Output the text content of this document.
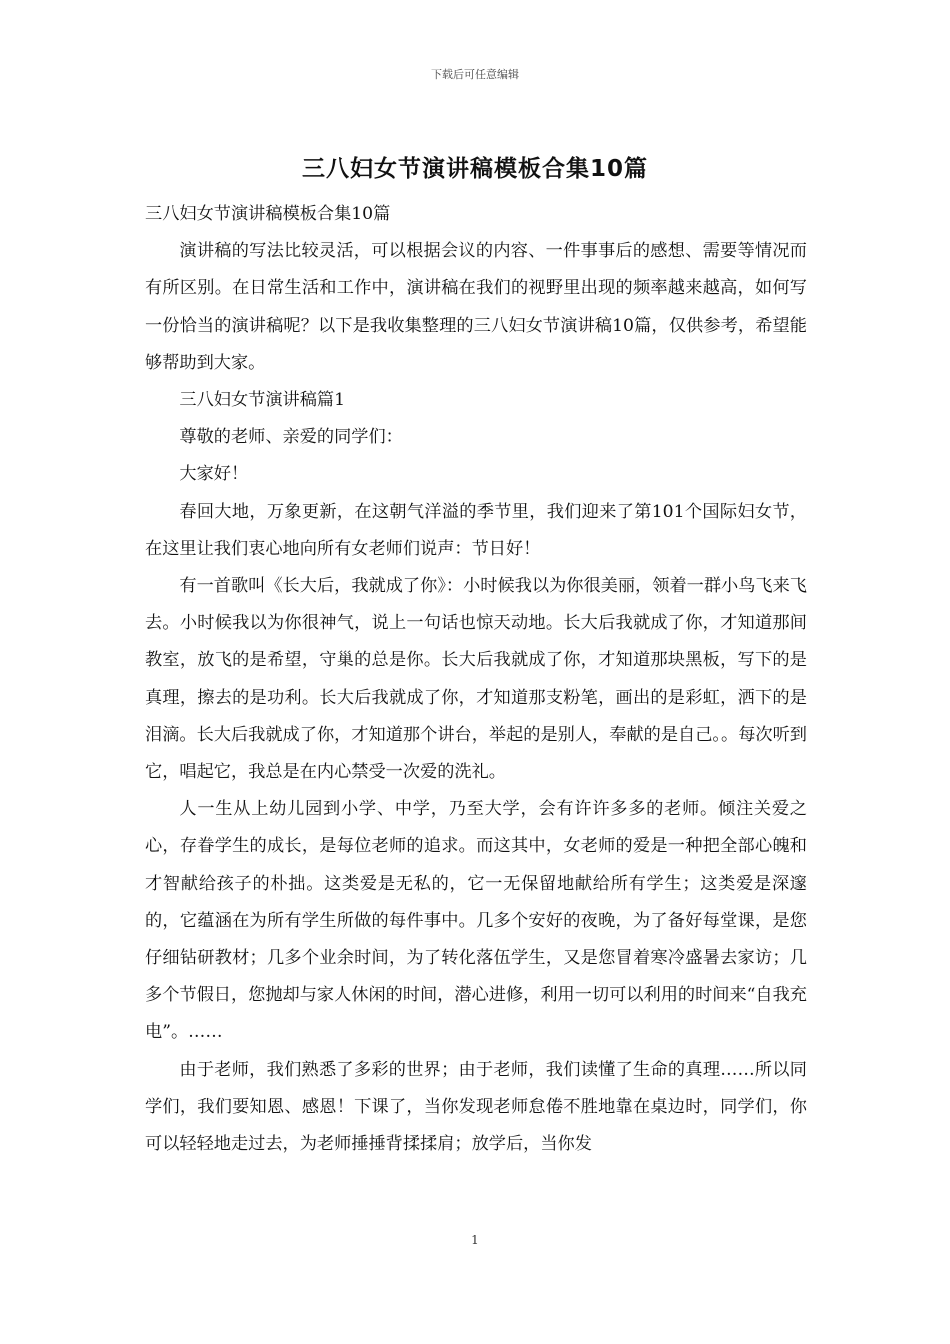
下载后可任意编辑
三八妇女节演讲稿模板合集10篇

三八妇女节演讲稿模板合集10篇

演讲稿的写法比较灵活，可以根据会议的内容、一件事事后的感想、需要等情况而有所区别。在日常生活和工作中，演讲稿在我们的视野里出现的频率越来越高，如何写一份恰当的演讲稿呢？以下是我收集整理的三八妇女节演讲稿10篇，仅供参考，希望能够帮助到大家。

三八妇女节演讲稿篇1

尊敬的老师、亲爱的同学们：

大家好！

春回大地，万象更新，在这朝气洋溢的季节里，我们迎来了第101个国际妇女节，在这里让我们衷心地向所有女老师们说声：节日好！

有一首歌叫《长大后，我就成了你》：小时候我以为你很美丽，领着一群小鸟飞来飞去。小时候我以为你很神气，说上一句话也惊天动地。长大后我就成了你，才知道那间教室，放飞的是希望，守巢的总是你。长大后我就成了你，才知道那块黑板，写下的是真理，擦去的是功利。长大后我就成了你，才知道那支粉笔，画出的是彩虹，洒下的是泪滴。长大后我就成了你，才知道那个讲台，举起的是别人，奉献的是自己。。每次听到它，唱起它，我总是在内心禁受一次爱的洗礼。

人一生从上幼儿园到小学、中学，乃至大学，会有许许多多的老师。倾注关爱之心，存眷学生的成长，是每位老师的追求。而这其中，女老师的爱是一种把全部心魄和才智献给孩子的朴拙。这类爱是无私的，它一无保留地献给所有学生；这类爱是深邃的，它蕴涵在为所有学生所做的每件事中。几多个安好的夜晚，为了备好每堂课，是您仔细钻研教材；几多个业余时间，为了转化落伍学生，又是您冒着寒冷盛暑去家访；几多个节假日，您抛却与家人休闲的时间，潜心进修，利用一切可以利用的时间来“自我充电”。……

由于老师，我们熟悉了多彩的世界；由于老师，我们读懂了生命的真理……所以同学们，我们要知恩、感恩！下课了，当你发现老师怠倦不胜地靠在桌边时，同学们，你可以轻轻地走过去，为老师捶捶背揉揉肩；放学后，当你发

1
